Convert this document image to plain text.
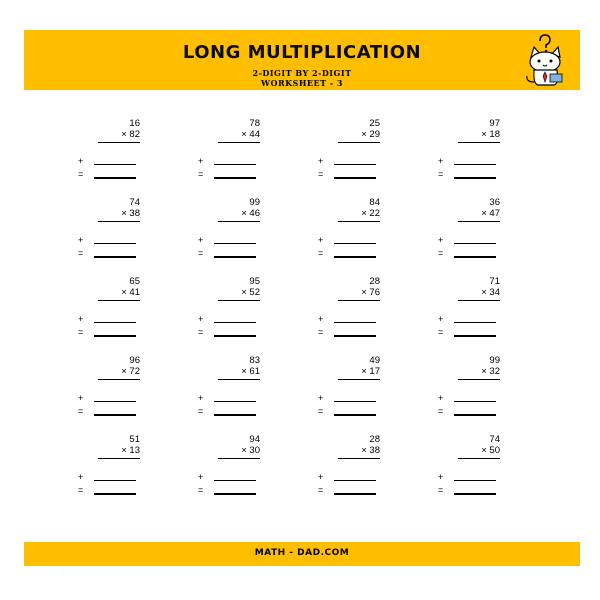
LONG MULTIPLICATION
2-DIGIT BY 2-DIGIT
WORKSHEET - 3
16
× 82
+
=
78
× 44
+
=
25
× 29
+
=
97
× 18
+
=
74
× 38
+
=
99
× 46
+
=
84
× 22
+
=
36
× 47
+
=
65
× 41
+
=
95
× 52
+
=
28
× 76
+
=
71
× 34
+
=
96
× 72
+
=
83
× 61
+
=
49
× 17
+
=
99
× 32
+
=
51
× 13
+
=
94
× 30
+
=
28
× 38
+
=
74
× 50
+
=
MATH - DAD.COM
